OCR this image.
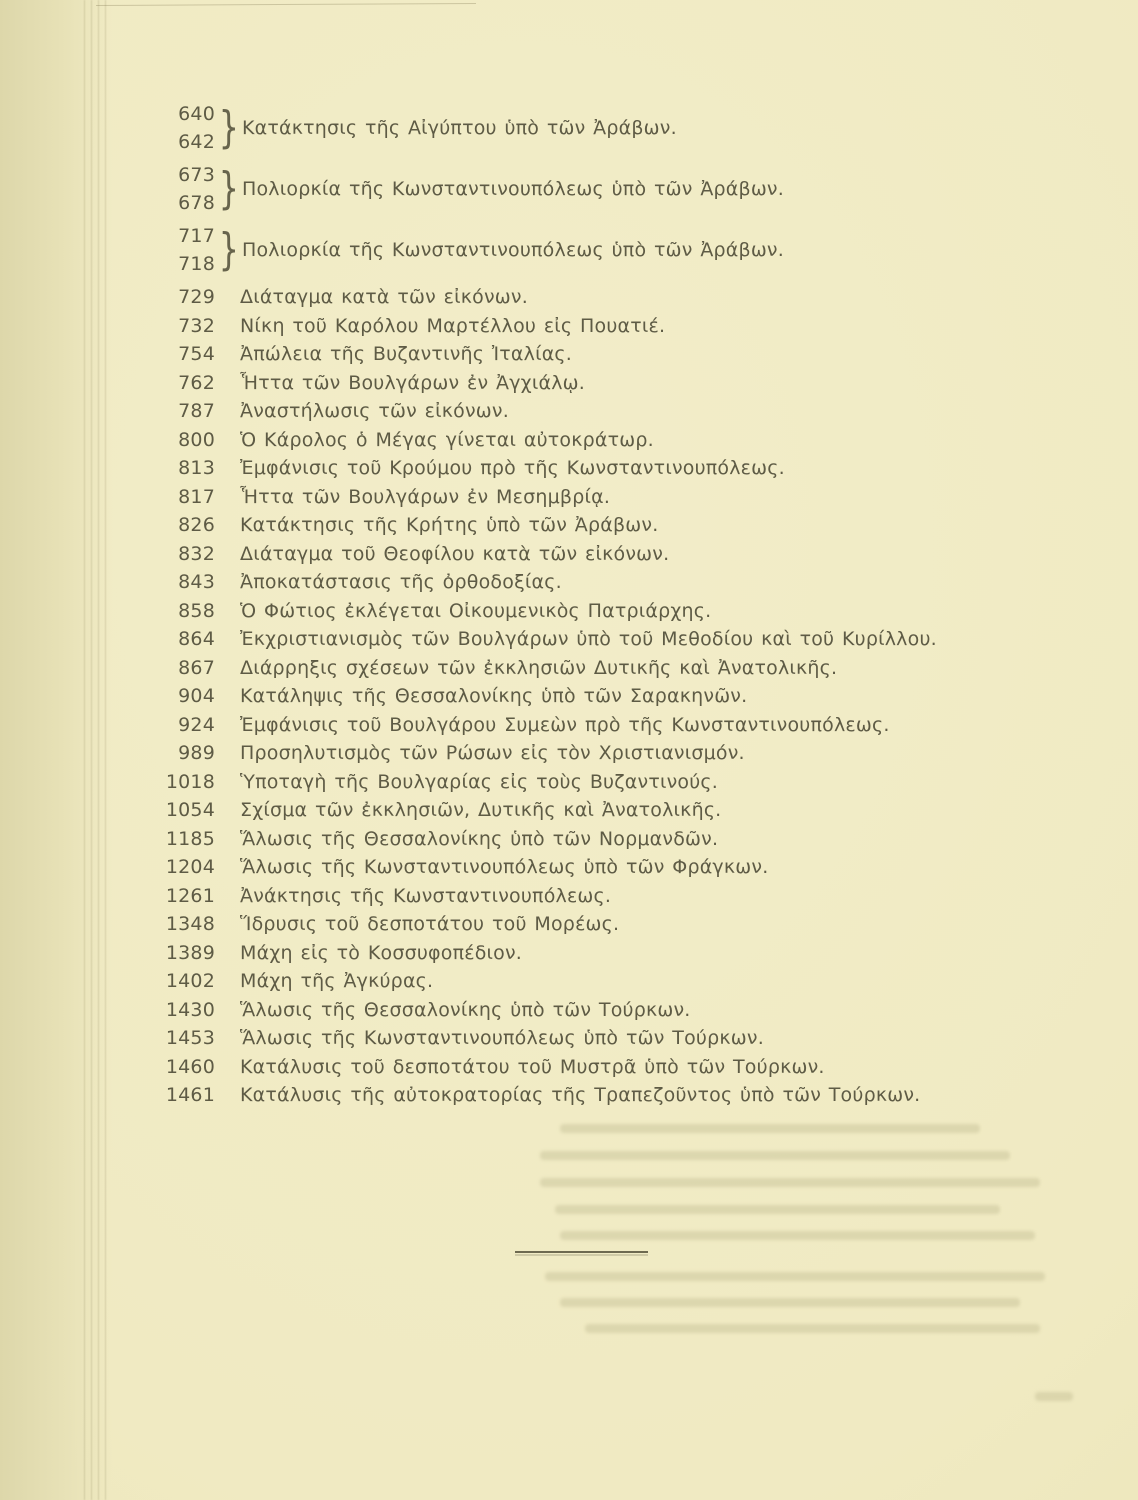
640
642 } Κατάκτησις τῆς Αἰγύπτου ὑπὸ τῶν Ἀράβων.
673
678 } Πολιορκία τῆς Κωνσταντινουπόλεως ὑπὸ τῶν Ἀράβων.
717
718 } Πολιορκία τῆς Κωνσταντινουπόλεως ὑπὸ τῶν Ἀράβων.
729 Διάταγμα κατὰ τῶν εἰκόνων.
732 Νίκη τοῦ Καρόλου Μαρτέλλου εἰς Πουατιέ.
754 Ἀπώλεια τῆς Βυζαντινῆς Ἰταλίας.
762 Ἧττα τῶν Βουλγάρων ἐν Ἀγχιάλῳ.
787 Ἀναστήλωσις τῶν εἰκόνων.
800 Ὁ Κάρολος ὁ Μέγας γίνεται αὐτοκράτωρ.
813 Ἐμφάνισις τοῦ Κρούμου πρὸ τῆς Κωνσταντινουπόλεως.
817 Ἧττα τῶν Βουλγάρων ἐν Μεσημβρίᾳ.
826 Κατάκτησις τῆς Κρήτης ὑπὸ τῶν Ἀράβων.
832 Διάταγμα τοῦ Θεοφίλου κατὰ τῶν εἰκόνων.
843 Ἀποκατάστασις τῆς ὀρθοδοξίας.
858 Ὁ Φώτιος ἐκλέγεται Οἰκουμενικὸς Πατριάρχης.
864 Ἐκχριστιανισμὸς τῶν Βουλγάρων ὑπὸ τοῦ Μεθοδίου καὶ τοῦ Κυρίλλου.
867 Διάρρηξις σχέσεων τῶν ἐκκλησιῶν Δυτικῆς καὶ Ἀνατολικῆς.
904 Κατάληψις τῆς Θεσσαλονίκης ὑπὸ τῶν Σαρακηνῶν.
924 Ἐμφάνισις τοῦ Βουλγάρου Συμεὼν πρὸ τῆς Κωνσταντινουπόλεως.
989 Προσηλυτισμὸς τῶν Ρώσων εἰς τὸν Χριστιανισμόν.
1018 Ὑποταγὴ τῆς Βουλγαρίας εἰς τοὺς Βυζαντινούς.
1054 Σχίσμα τῶν ἐκκλησιῶν, Δυτικῆς καὶ Ἀνατολικῆς.
1185 Ἅλωσις τῆς Θεσσαλονίκης ὑπὸ τῶν Νορμανδῶν.
1204 Ἅλωσις τῆς Κωνσταντινουπόλεως ὑπὸ τῶν Φράγκων.
1261 Ἀνάκτησις τῆς Κωνσταντινουπόλεως.
1348 Ἵδρυσις τοῦ δεσποτάτου τοῦ Μορέως.
1389 Μάχη εἰς τὸ Κοσσυφοπέδιον.
1402 Μάχη τῆς Ἀγκύρας.
1430 Ἅλωσις τῆς Θεσσαλονίκης ὑπὸ τῶν Τούρκων.
1453 Ἅλωσις τῆς Κωνσταντινουπόλεως ὑπὸ τῶν Τούρκων.
1460 Κατάλυσις τοῦ δεσποτάτου τοῦ Μυστρᾶ ὑπὸ τῶν Τούρκων.
1461 Κατάλυσις τῆς αὐτοκρατορίας τῆς Τραπεζοῦντος ὑπὸ τῶν Τούρκων.
